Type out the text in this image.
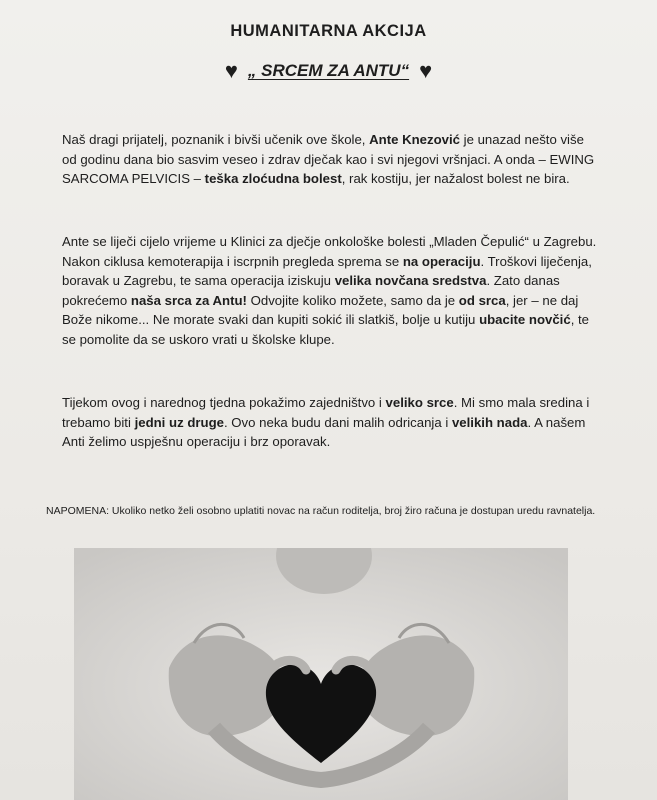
HUMANITARNA AKCIJA
♥ „ SRCEM ZA ANTU“ ♥
Naš dragi prijatelj, poznanik i bivši učenik ove škole, Ante Knezović je unazad nešto više od godinu dana bio sasvim veseo i zdrav dječak kao i svi njegovi vršnjaci. A onda – EWING SARCOMA PELVICIS – teška zloćudna bolest, rak kostiju, jer nažalost bolest ne bira.
Ante se liječi cijelo vrijeme u Klinici za dječje onkološke bolesti „Mladen Čepulić“ u Zagrebu. Nakon ciklusa kemoterapija i iscrpnih pregleda sprema se na operaciju. Troškovi liječenja, boravak u Zagrebu, te sama operacija iziskuju velika novčana sredstva. Zato danas pokrećemo naša srca za Antu! Odvojite koliko možete, samo da je od srca, jer – ne daj Bože nikome... Ne morate svaki dan kupiti sokić ili slatkiš, bolje u kutiju ubacite novčić, te se pomolite da se uskoro vrati u školske klupe.
Tijekom ovog i narednog tjedna pokažimo zajedništvo i veliko srce. Mi smo mala sredina i trebamo biti jedni uz druge. Ovo neka budu dani malih odricanja i velikih nada. A našem Anti želimo uspješnu operaciju i brz oporavak.
NAPOMENA: Ukoliko netko želi osobno uplatiti novac na račun roditelja, broj žiro računa je dostupan uredu ravnatelja.
